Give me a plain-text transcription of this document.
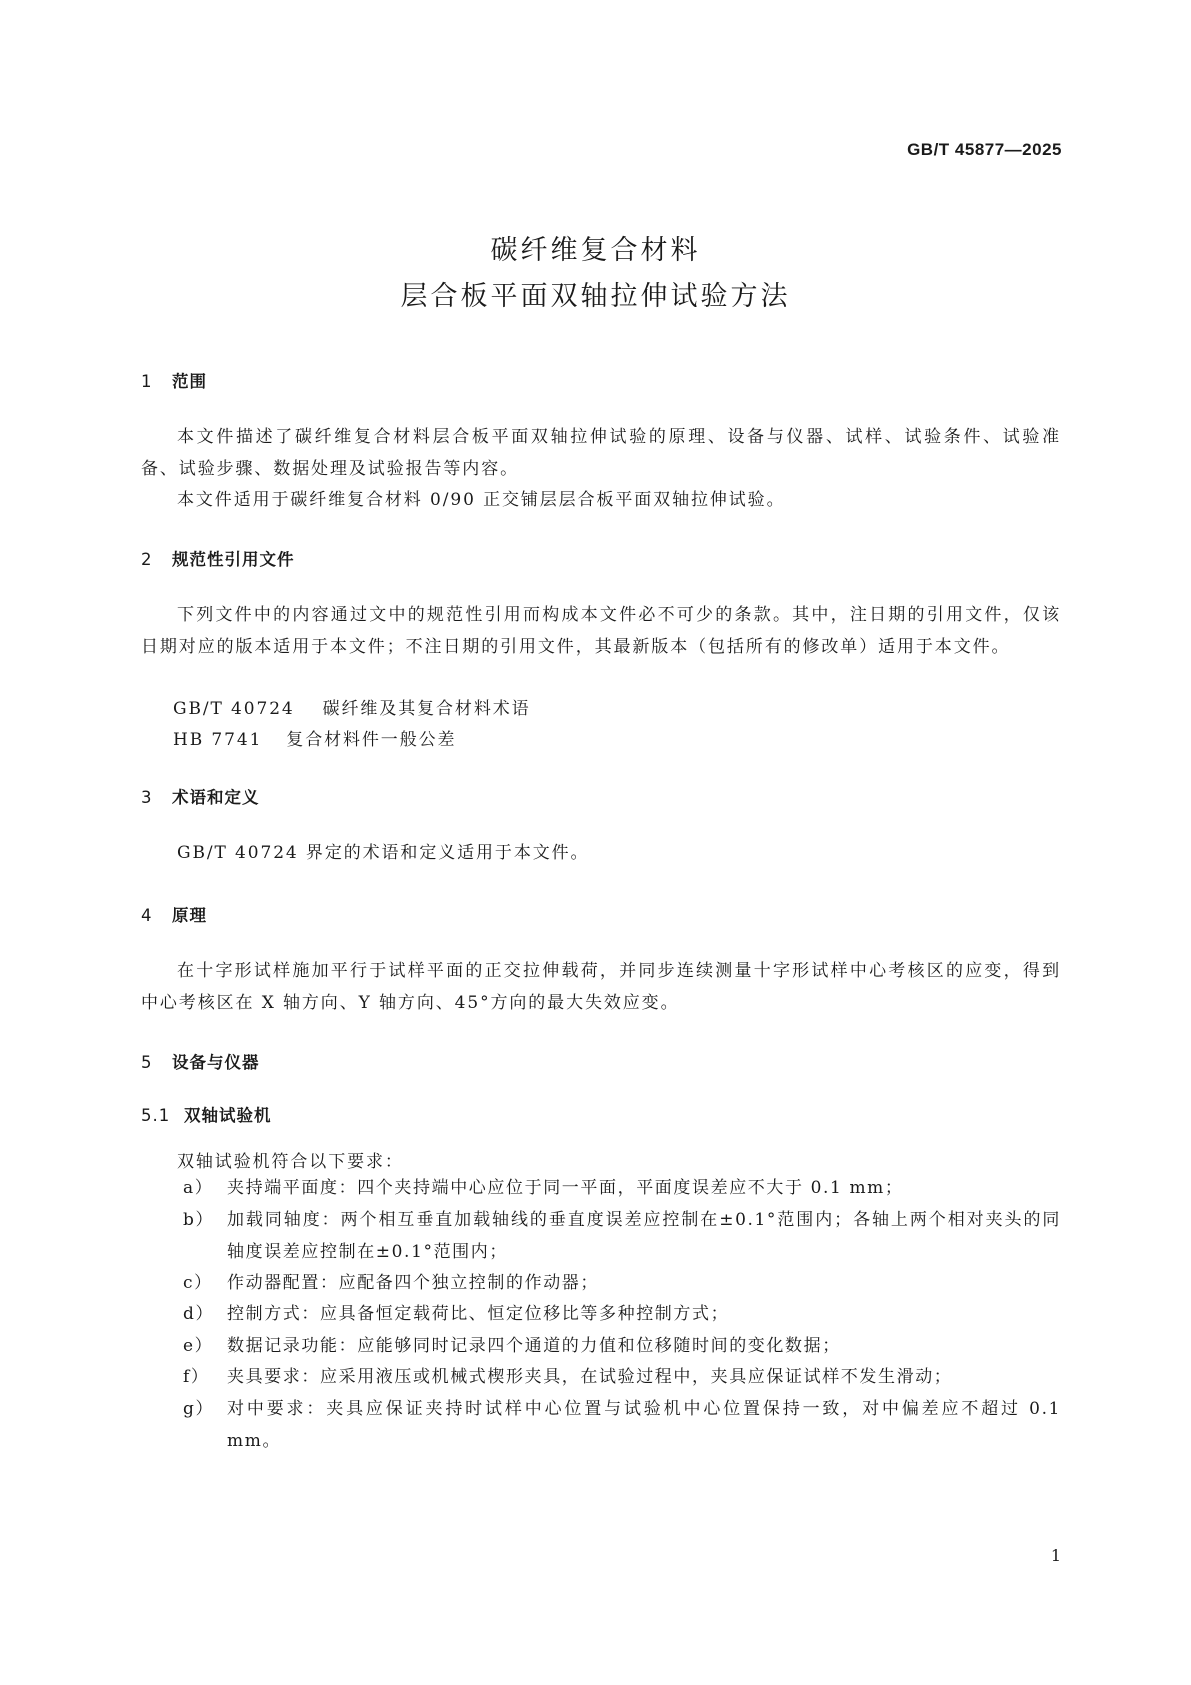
GB/T 45877—2025
碳纤维复合材料
层合板平面双轴拉伸试验方法
1 范围
本文件描述了碳纤维复合材料层合板平面双轴拉伸试验的原理、设备与仪器、试样、试验条件、试验准备、试验步骤、数据处理及试验报告等内容。
本文件适用于碳纤维复合材料 0/90 正交铺层层合板平面双轴拉伸试验。
2 规范性引用文件
下列文件中的内容通过文中的规范性引用而构成本文件必不可少的条款。其中，注日期的引用文件，仅该日期对应的版本适用于本文件；不注日期的引用文件，其最新版本（包括所有的修改单）适用于本文件。
GB/T 40724 碳纤维及其复合材料术语
HB 7741 复合材料件一般公差
3 术语和定义
GB/T 40724 界定的术语和定义适用于本文件。
4 原理
在十字形试样施加平行于试样平面的正交拉伸载荷，并同步连续测量十字形试样中心考核区的应变，得到中心考核区在 X 轴方向、Y 轴方向、45°方向的最大失效应变。
5 设备与仪器
5.1 双轴试验机
双轴试验机符合以下要求：
a） 夹持端平面度：四个夹持端中心应位于同一平面，平面度误差应不大于 0.1 mm；
b） 加载同轴度：两个相互垂直加载轴线的垂直度误差应控制在±0.1°范围内；各轴上两个相对夹头的同轴度误差应控制在±0.1°范围内；
c） 作动器配置：应配备四个独立控制的作动器；
d） 控制方式：应具备恒定载荷比、恒定位移比等多种控制方式；
e） 数据记录功能：应能够同时记录四个通道的力值和位移随时间的变化数据；
f）	夹具要求：应采用液压或机械式楔形夹具，在试验过程中，夹具应保证试样不发生滑动；
g） 对中要求：夹具应保证夹持时试样中心位置与试验机中心位置保持一致，对中偏差应不超过 0.1 mm。
1
